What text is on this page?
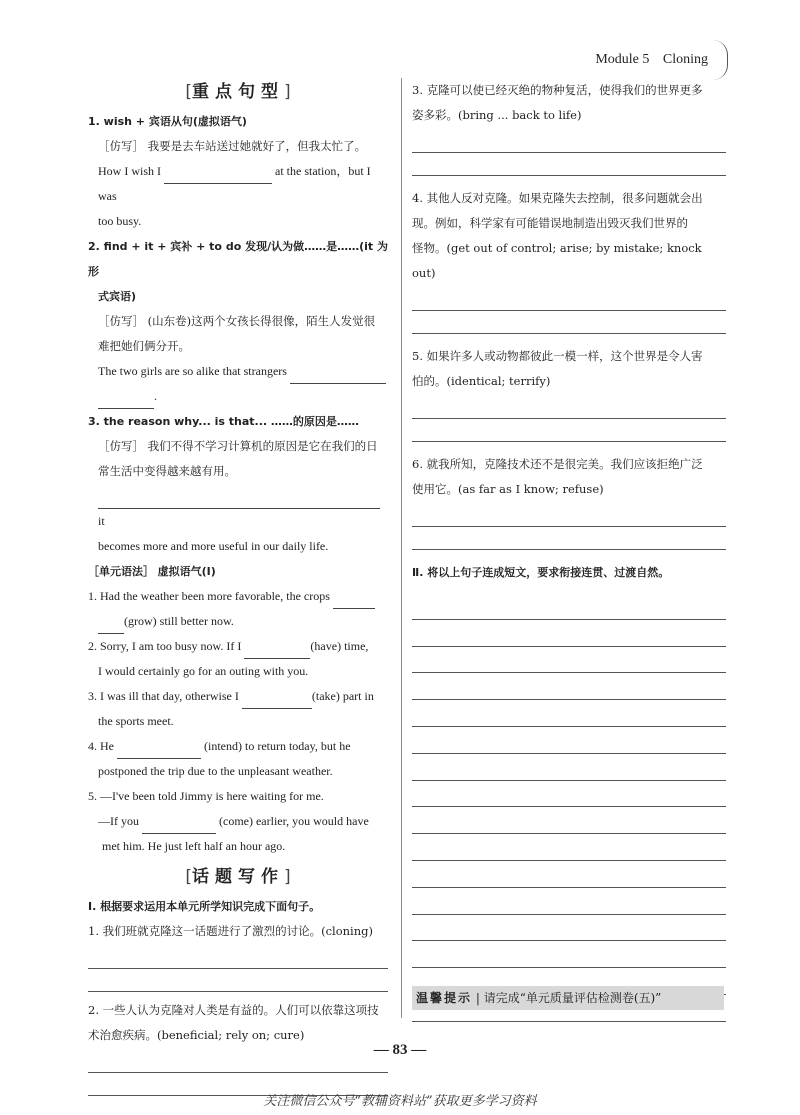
Module 5 Cloning
[重点句型]
1. wish + 宾语从句(虚拟语气)
［仿写］ 我要是去车站送过她就好了，但我太忙了。
How I wish I	at the station，but I was
too busy.
2. find + it + 宾补 + to do 发现/认为做……是……(it 为形
式宾语)
［仿写］ (山东卷)这两个女孩长得很像，陌生人发觉很
难把她们俩分开。
The two girls are so alike that strangers
.
3. the reason why... is that... ……的原因是……
［仿写］ 我们不得不学习计算机的原因是它在我们的日
常生活中变得越来越有用。
it
becomes more and more useful in our daily life.
［单元语法］ 虚拟语气(Ⅰ)
1. Had the weather been more favorable, the crops
(grow) still better now.
2. Sorry, I am too busy now. If I	(have) time,
I would certainly go for an outing with you.
3. I was ill that day, otherwise I	(take) part in
the sports meet.
4. He	(intend) to return today, but he
postponed the trip due to the unpleasant weather.
5. —I've been told Jimmy is here waiting for me.
—If you	(come) earlier, you would have
met him. He just left half an hour ago.
[话题写作]
Ⅰ. 根据要求运用本单元所学知识完成下面句子。
1. 我们班就克隆这一话题进行了激烈的讨论。(cloning)
2. 一些人认为克隆对人类是有益的。人们可以依靠这项技
术治愈疾病。(beneficial; rely on; cure)
3. 克隆可以使已经灭绝的物种复活，使得我们的世界更多
姿多彩。(bring ... back to life)
4. 其他人反对克隆。如果克隆失去控制，很多问题就会出
现。例如，科学家有可能错误地制造出毁灭我们世界的
怪物。(get out of control; arise; by mistake; knock out)
5. 如果许多人或动物都彼此一模一样，这个世界是令人害
怕的。(identical; terrify)
6. 就我所知，克隆技术还不是很完美。我们应该拒绝广泛
使用它。(as far as I know; refuse)
Ⅱ. 将以上句子连成短文，要求衔接连贯、过渡自然。
温馨提示 | 请完成“单元质量评估检测卷(五)”
— 83 —
关注微信公众号“教辅资料站”获取更多学习资料
